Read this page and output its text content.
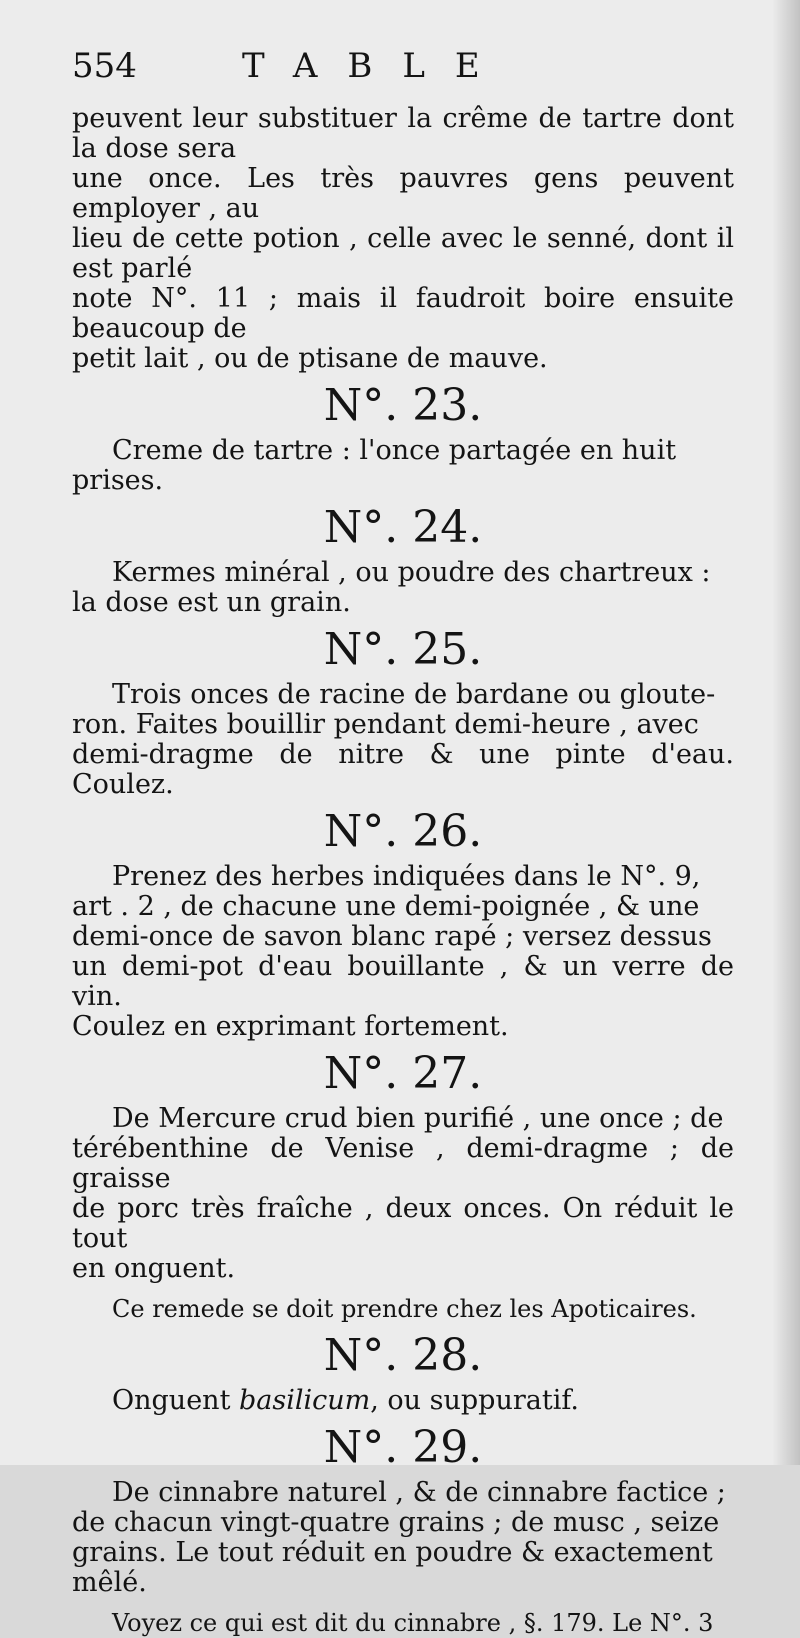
554	TABLE

peuvent leur substituer la crême de tartre dont la dose sera

une once. Les très pauvres gens peuvent employer , au

lieu de cette potion , celle avec le senné, dont il est parlé

note N°. 11 ; mais il faudroit boire ensuite beaucoup de

petit lait , ou de ptisane de mauve.

N°. 23.

Creme de tartre : l'once partagée en huit

prises.

N°. 24.

Kermes minéral , ou poudre des chartreux :

la dose est un grain.

N°. 25.

Trois onces de racine de bardane ou gloute-

ron. Faites bouillir pendant demi-heure , avec

demi-dragme de nitre & une pinte d'eau. Coulez.

N°. 26.

Prenez des herbes indiquées dans le N°. 9,

art . 2 , de chacune une demi-poignée , & une

demi-once de savon blanc rapé ; versez dessus

un demi-pot d'eau bouillante , & un verre de vin.

Coulez en exprimant fortement.

N°. 27.

De Mercure crud bien purifié , une once ; de

térébenthine de Venise , demi-dragme ; de graisse

de porc très fraîche , deux onces. On réduit le tout

en onguent.

Ce remede se doit prendre chez les Apoticaires.

N°. 28.

Onguent basilicum, ou suppuratif.

N°. 29.

De cinnabre naturel , & de cinnabre factice ;

de chacun vingt-quatre grains ; de musc , seize

grains. Le tout réduit en poudre & exactement

mêlé.

Voyez ce qui est dit du cinnabre , §. 179. Le N°. 3
